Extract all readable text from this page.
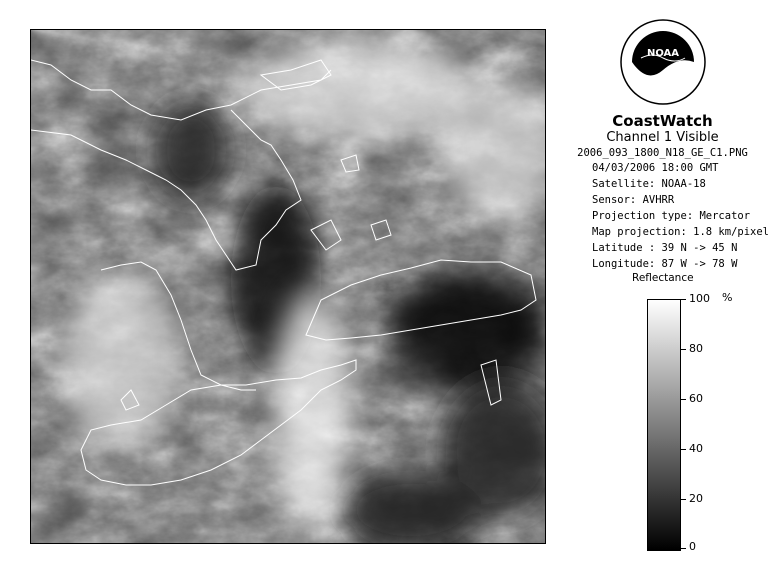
NOAA
CoastWatch
Channel 1 Visible
2006_093_1800_N18_GE_C1.PNG
04/03/2006 18:00 GMT
Satellite: NOAA-18
Sensor: AVHRR
Projection type: Mercator
Map projection: 1.8 km/pixel
Latitude : 39 N -> 45 N
Longitude: 87 W -> 78 W
Reflectance
%
100
80
60
40
20
0
